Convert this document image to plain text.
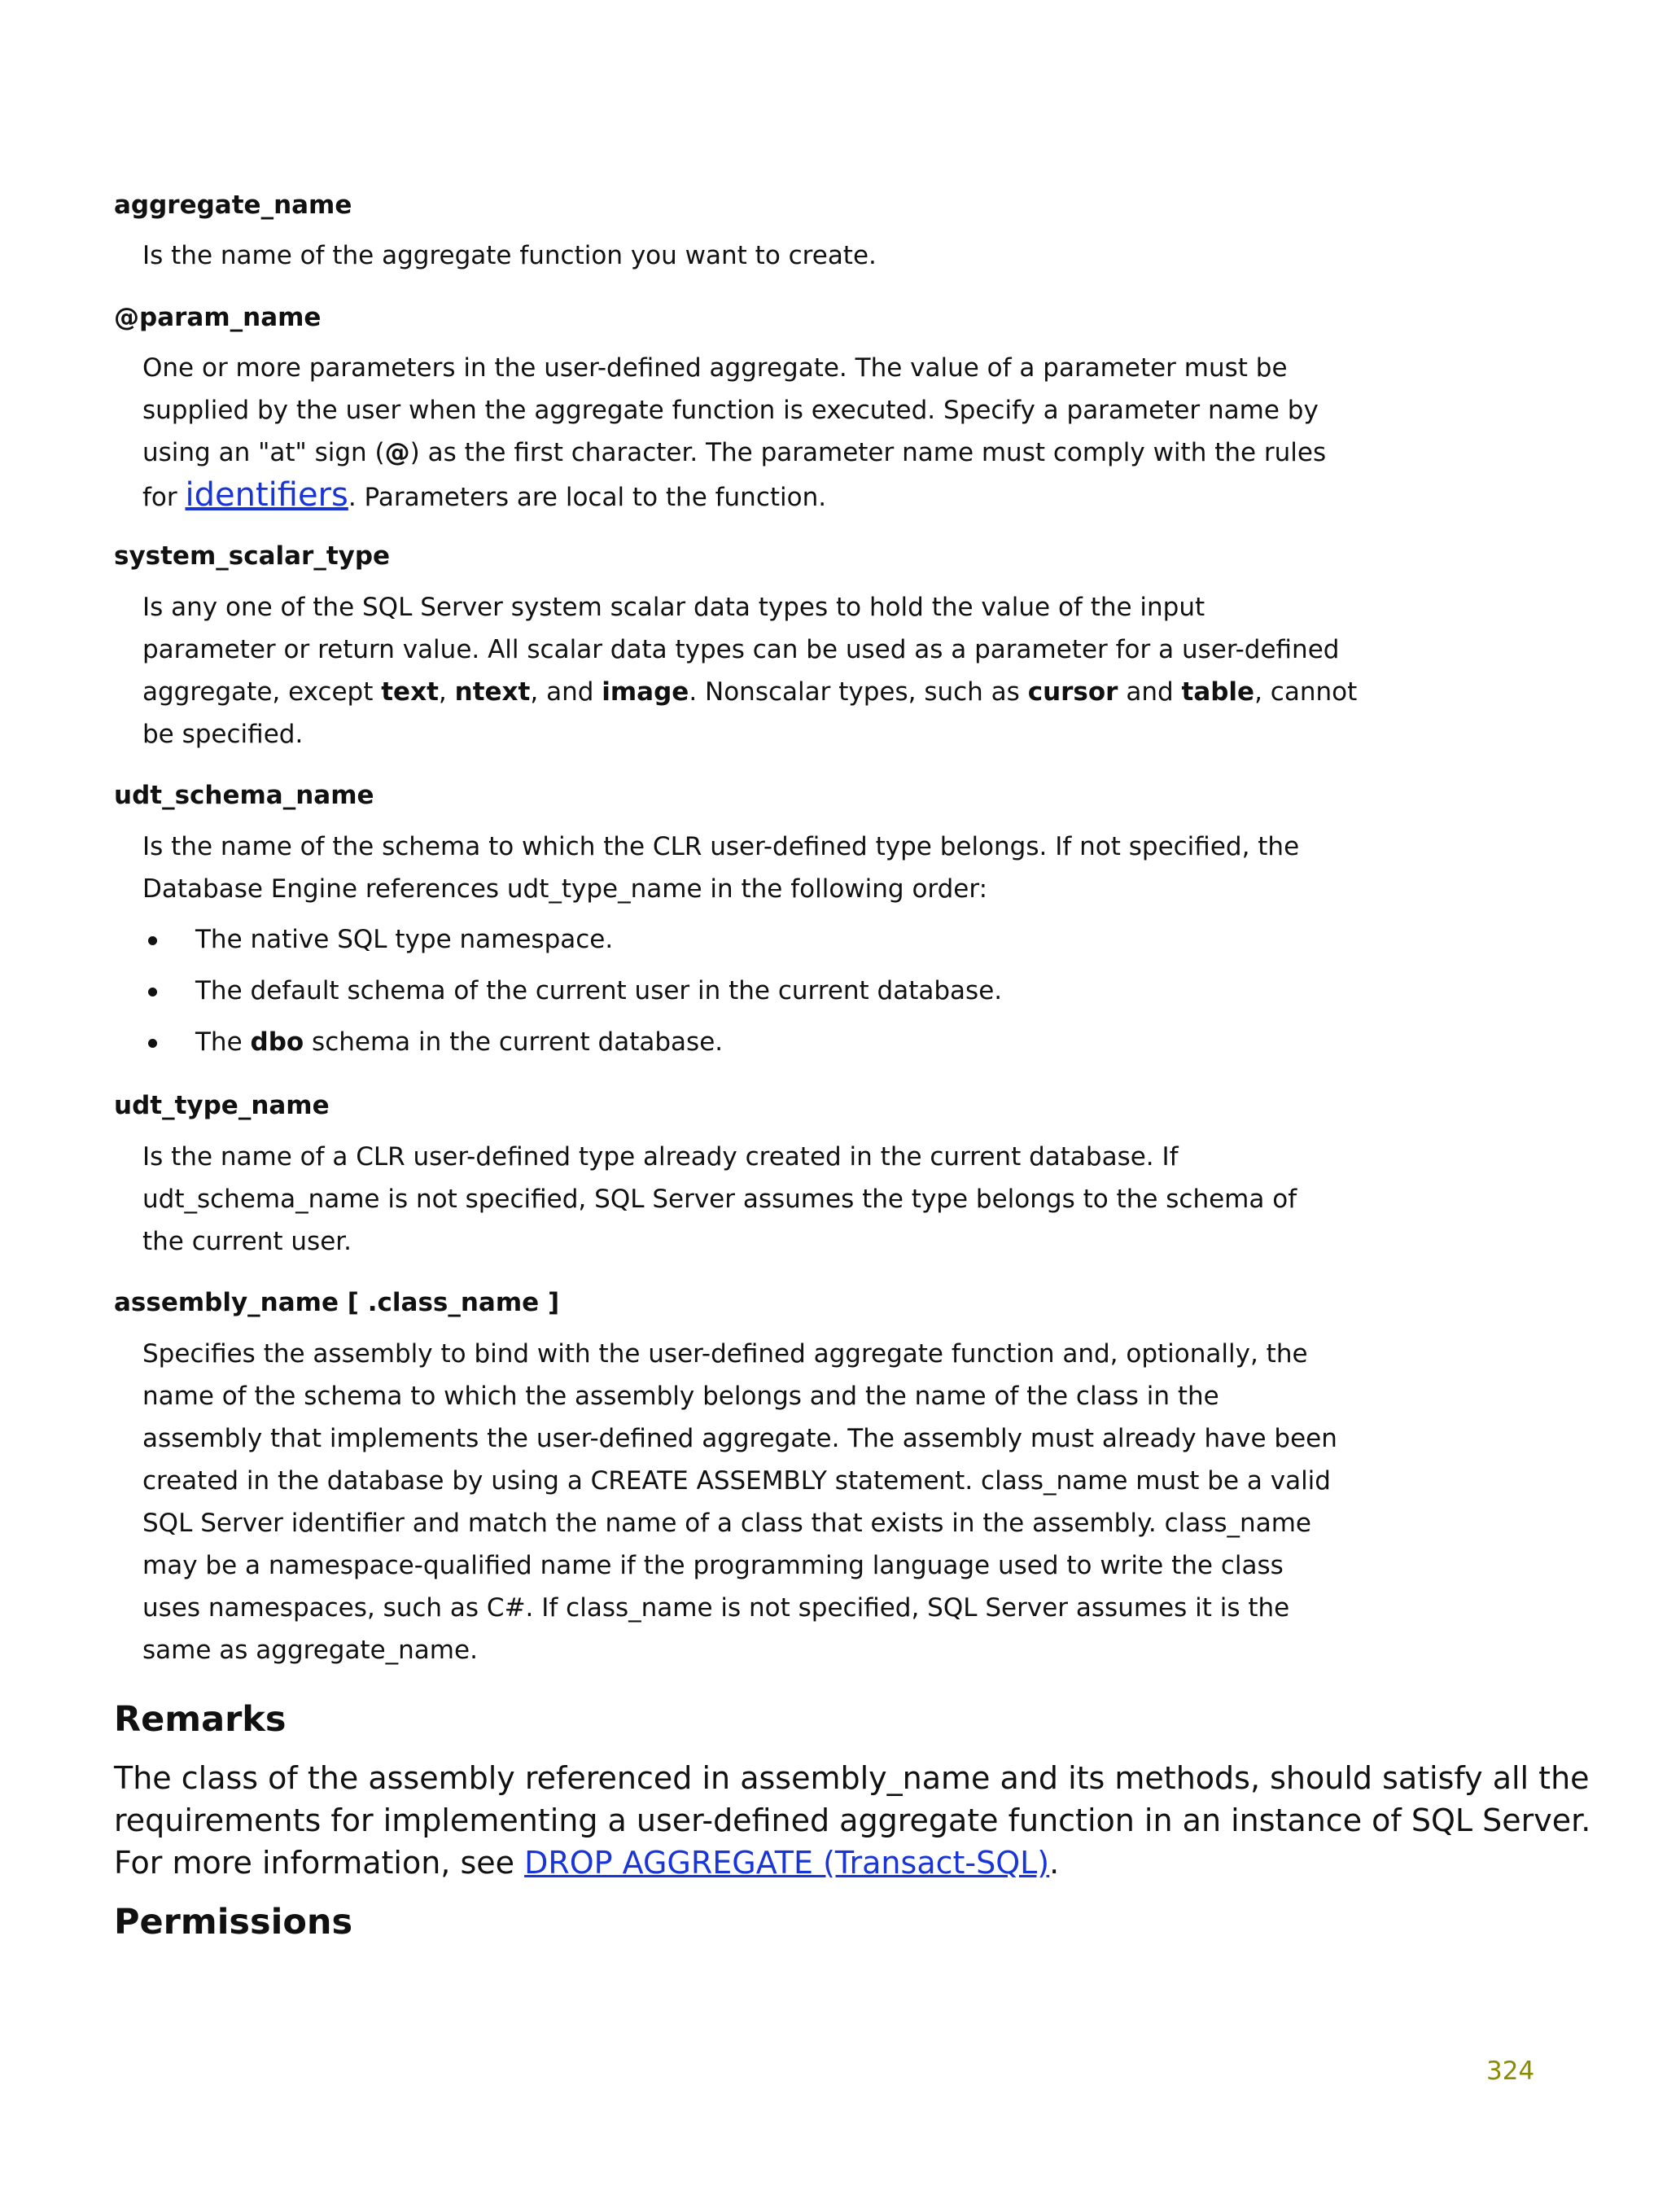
aggregate_name
Is the name of the aggregate function you want to create.
@param_name
One or more parameters in the user-defined aggregate. The value of a parameter must be
supplied by the user when the aggregate function is executed. Specify a parameter name by
using an "at" sign (@) as the first character. The parameter name must comply with the rules
for identifiers. Parameters are local to the function.
system_scalar_type
Is any one of the SQL Server system scalar data types to hold the value of the input
parameter or return value. All scalar data types can be used as a parameter for a user-defined
aggregate, except text, ntext, and image. Nonscalar types, such as cursor and table, cannot
be specified.
udt_schema_name
Is the name of the schema to which the CLR user-defined type belongs. If not specified, the
Database Engine references udt_type_name in the following order:
The native SQL type namespace.
The default schema of the current user in the current database.
The dbo schema in the current database.
udt_type_name
Is the name of a CLR user-defined type already created in the current database. If
udt_schema_name is not specified, SQL Server assumes the type belongs to the schema of
the current user.
assembly_name [ .class_name ]
Specifies the assembly to bind with the user-defined aggregate function and, optionally, the
name of the schema to which the assembly belongs and the name of the class in the
assembly that implements the user-defined aggregate. The assembly must already have been
created in the database by using a CREATE ASSEMBLY statement. class_name must be a valid
SQL Server identifier and match the name of a class that exists in the assembly. class_name
may be a namespace-qualified name if the programming language used to write the class
uses namespaces, such as C#. If class_name is not specified, SQL Server assumes it is the
same as aggregate_name.
Remarks
The class of the assembly referenced in assembly_name and its methods, should satisfy all the
requirements for implementing a user-defined aggregate function in an instance of SQL Server.
For more information, see DROP AGGREGATE (Transact-SQL).
Permissions
324
